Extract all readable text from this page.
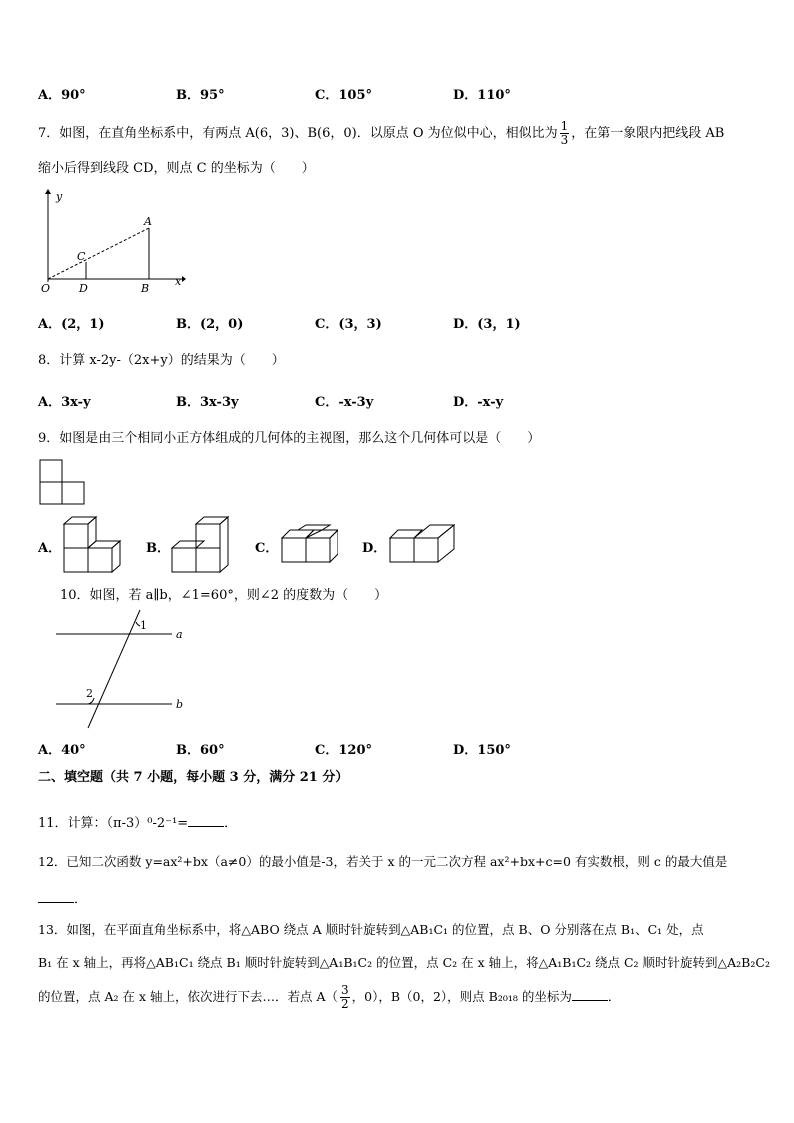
A．90°	B．95°	C．105°	D．110°
7．如图，在直角坐标系中，有两点 A(6，3)、B(6，0)．以原点 O 为位似中心，相似比为 $\frac{1}{3}$ ，在第一象限内把线段 AB
缩小后得到线段 CD，则点 C 的坐标为（　　）
y
x
O
A
B
C
D
A．(2，1)	B．(2，0)	C．(3，3)	D．(3，1)
8．计算 x-2y-（2x+y）的结果为（　　）
A．3x-y	B．3x-3y	C．-x-3y	D．-x-y
9．如图是由三个相同小正方体组成的几何体的主视图，那么这个几何体可以是（　　）
A．	B．	C．	D．
10．如图，若 a∥b，∠1=60°，则∠2 的度数为（　　）
a
b
1
2
A．40°	B．60°	C．120°	D．150°
二、填空题（共 7 小题，每小题 3 分，满分 21 分）
11．计算：（π-3）⁰-2⁻¹=	．
12．已知二次函数 y=ax²+bx（a≠0）的最小值是-3，若关于 x 的一元二次方程 ax²+bx+c=0 有实数根，则 c 的最大值是
．
13．如图，在平面直角坐标系中，将△ABO 绕点 A 顺时针旋转到△AB₁C₁ 的位置，点 B、O 分别落在点 B₁、C₁ 处，点
B₁ 在 x 轴上，再将△AB₁C₁ 绕点 B₁ 顺时针旋转到△A₁B₁C₂ 的位置，点 C₂ 在 x 轴上，将△A₁B₁C₂ 绕点 C₂ 顺时针旋转到△A₂B₂C₂
的位置，点 A₂ 在 x 轴上，依次进行下去…．若点 $A( \frac{3}{2}$ ，0），B（0，2），则点 B₂₀₁₈ 的坐标为	．
